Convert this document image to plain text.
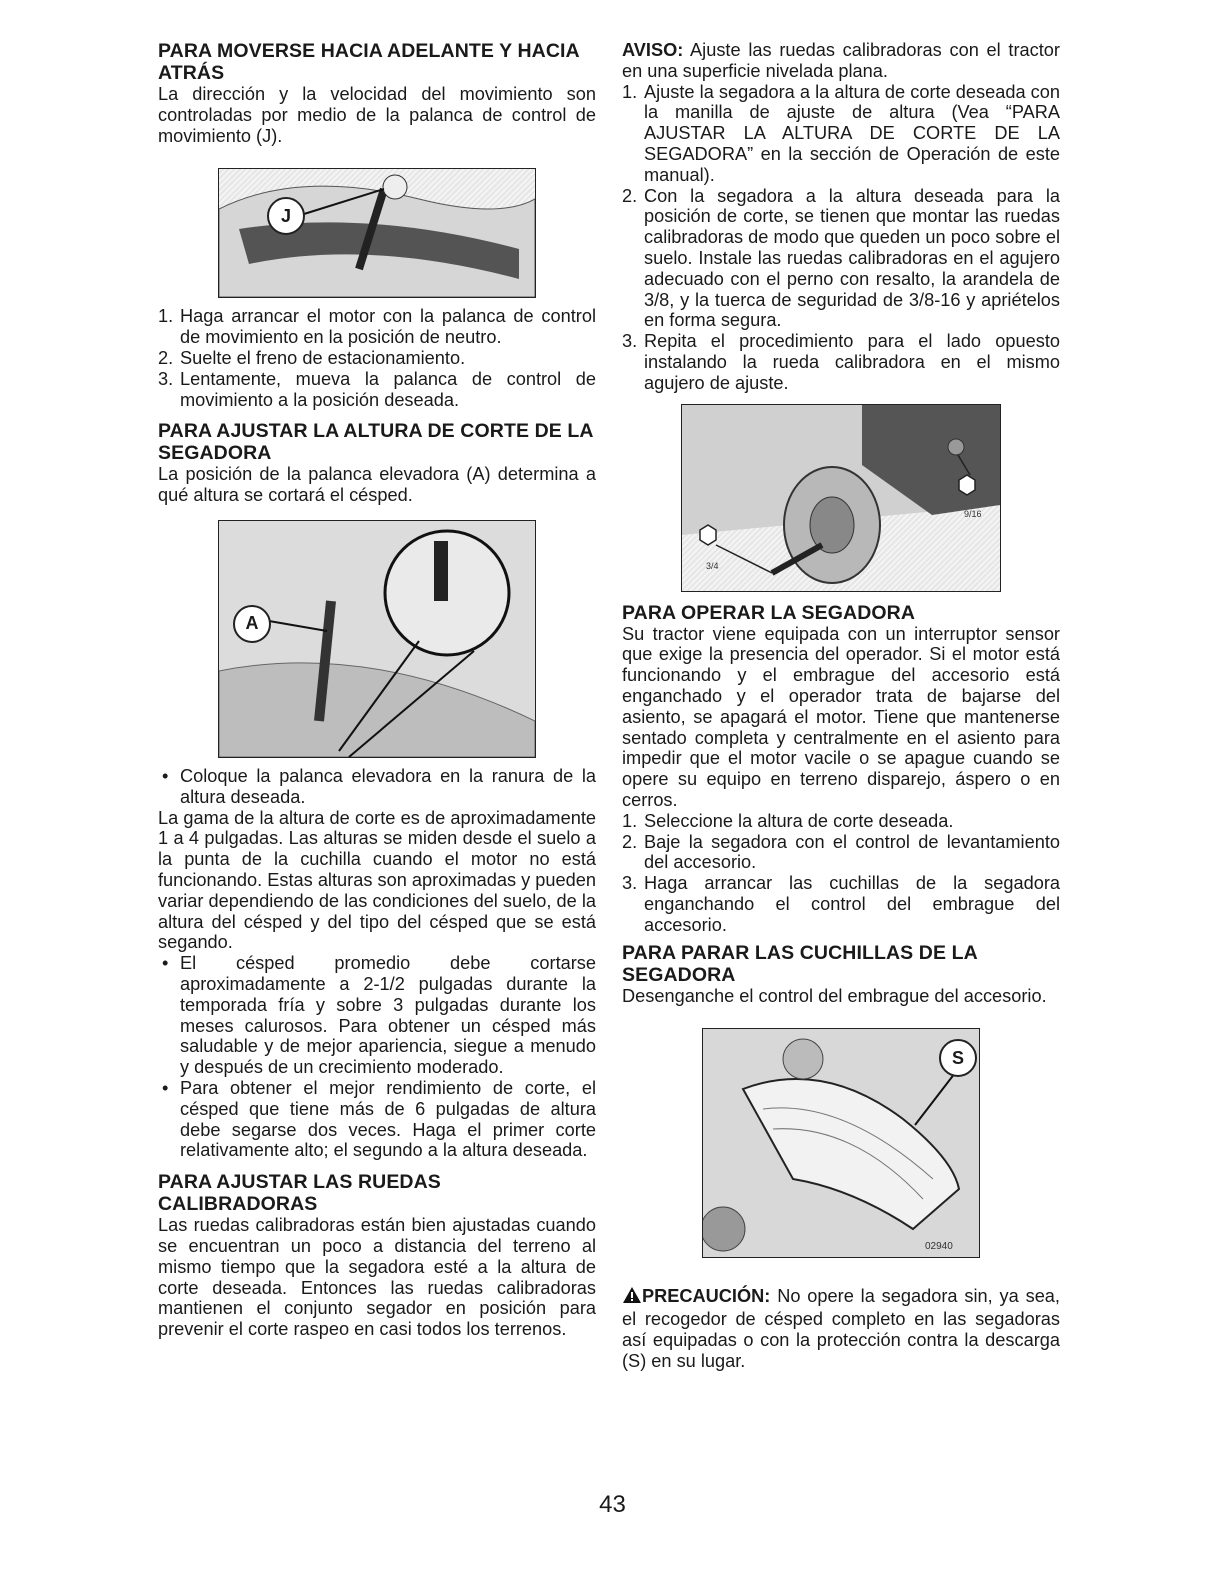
PARA MOVERSE HACIA ADELANTE Y HACIA ATRÁS

La dirección y la velocidad del movimiento son controladas por medio de la palanca de control de movimiento (J).

J
1. Haga arrancar el motor con la palanca de control de movimiento en la posición de neutro.
2. Suelte el freno de estacionamiento.
3. Lentamente, mueva la palanca de control de movimiento a la posición deseada.
PARA AJUSTAR LA ALTURA DE CORTE DE LA SEGADORA

La posición de la palanca elevadora (A) determina a qué altura se cortará el césped.

A
• Coloque la palanca elevadora en la ranura de la altura deseada.

La gama de la altura de corte es de aproximadamente 1 a 4 pulgadas. Las alturas se miden desde el suelo a la punta de la cuchilla cuando el motor no está funcionando. Estas alturas son aproximadas y pueden variar dependiendo de las condiciones del suelo, de la altura del césped y del tipo del césped que se está segando.

• El césped promedio debe cortarse aproximadamente a 2-1/2 pulgadas durante la temporada fría y sobre 3 pulgadas durante los meses calurosos. Para obtener un césped más saludable y de mejor apariencia, siegue a menudo y después de un crecimiento moderado.
• Para obtener el mejor rendimiento de corte, el césped que tiene más de 6 pulgadas de altura debe segarse dos veces. Haga el primer corte relativamente alto; el segundo a la altura deseada.
PARA AJUSTAR LAS RUEDAS CALIBRADORAS

Las ruedas calibradoras están bien ajustadas cuando se encuentran un poco a distancia del terreno al mismo tiempo que la segadora esté a la altura de corte deseada. Entonces las ruedas calibradoras mantienen el conjunto segador en posición para prevenir el corte raspeo en casi todos los terrenos.

AVISO: Ajuste las ruedas calibradoras con el tractor en una superficie nivelada plana.

1. Ajuste la segadora a la altura de corte deseada con la manilla de ajuste de altura (Vea “PARA AJUSTAR LA ALTURA DE CORTE DE LA SEGADORA” en la sección de Operación de este manual).
2. Con la segadora a la altura deseada para la posición de corte, se tienen que montar las ruedas calibradoras de modo que queden un poco sobre el suelo. Instale las ruedas calibradoras en el agujero adecuado con el perno con resalto, la arandela de 3/8, y la tuerca de seguridad de 3/8-16 y apriételos en forma segura.
3. Repita el procedimiento para el lado opuesto instalando la rueda calibradora en el mismo agujero de ajuste.
9/16
3/4
PARA OPERAR LA SEGADORA

Su tractor viene equipada con un interruptor sensor que exige la presencia del operador. Si el motor está funcionando y el embrague del accesorio está enganchado y el operador trata de bajarse del asiento, se apagará el motor. Tiene que mantenerse sentado completa y centralmente en el asiento para impedir que el motor vacile o se apague cuando se opere su equipo en terreno disparejo, áspero o en cerros.

1. Seleccione la altura de corte deseada.
2. Baje la segadora con el control de levantamiento del accesorio.
3. Haga arrancar las cuchillas de la segadora enganchando el control del embrague del accesorio.
PARA PARAR LAS CUCHILLAS DE LA SEGADORA

Desenganche el control del embrague del accesorio.

S
02940

PRECAUCIÓN: No opere la segadora sin, ya sea, el recogedor de césped completo en las segadoras así equipadas o con la protección contra la descarga (S) en su lugar.

43
